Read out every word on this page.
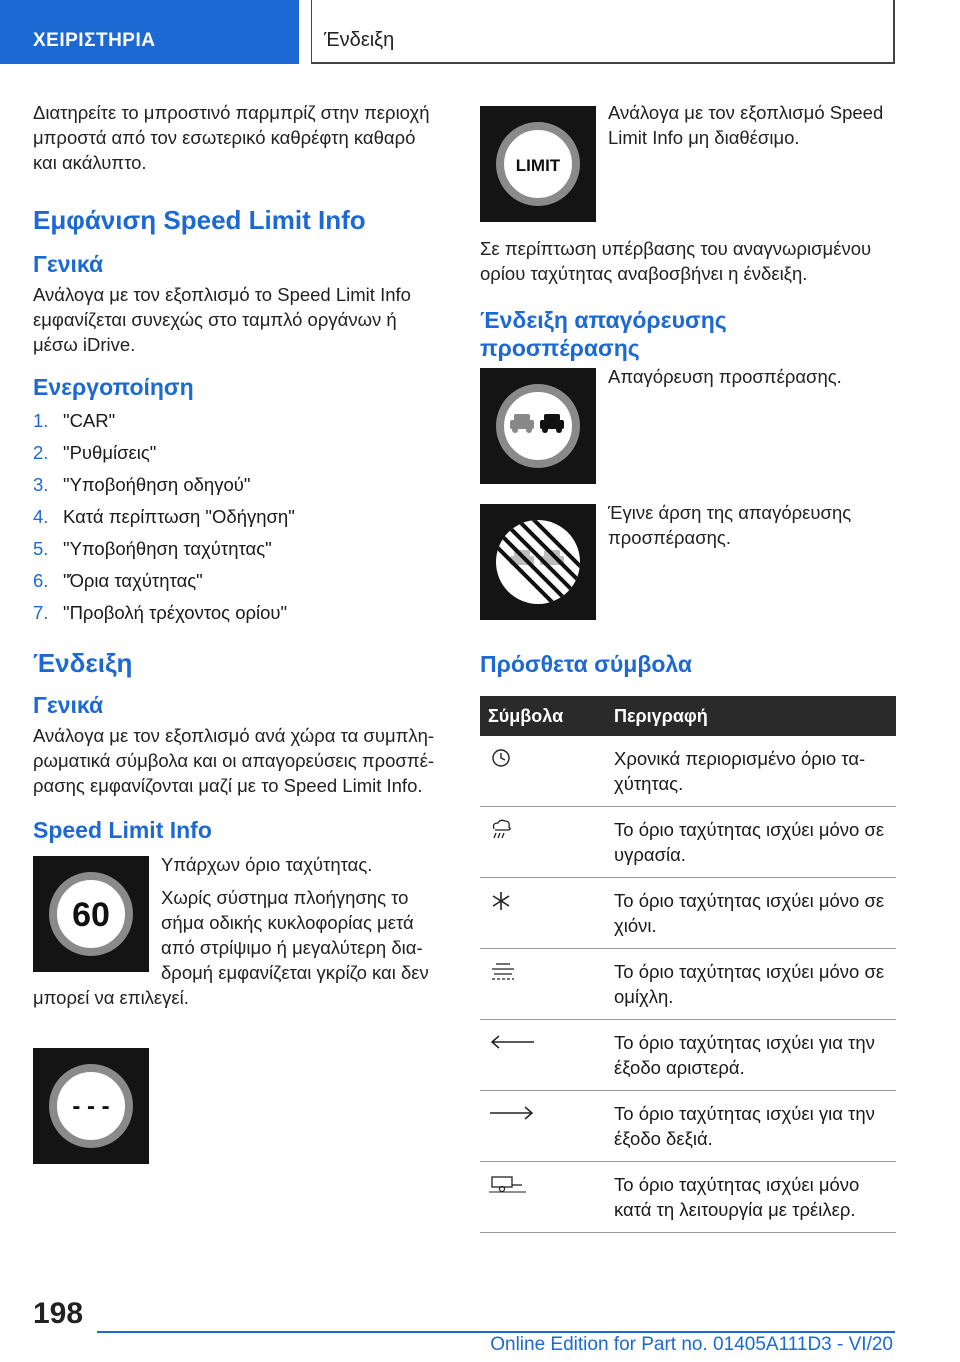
ΧΕΙΡΙΣΤΗΡΙΑ	Ένδειξη

Διατηρείτε το μπροστινό παρμπρίζ στην περιοχή μπροστά από τον εσωτερικό καθρέφτη καθαρό και ακάλυπτο.

Εμφάνιση Speed Limit Info
Γενικά

Ανάλογα με τον εξοπλισμό το Speed Limit Info εμφανίζεται συνεχώς στο ταμπλό οργάνων ή μέσω iDrive.

Ενεργοποίηση
1. "CAR"
2. "Ρυθμίσεις"
3. "Υποβοήθηση οδηγού"
4. Κατά περίπτωση "Οδήγηση"
5. "Υποβοήθηση ταχύτητας"
6. "Όρια ταχύτητας"
7. "Προβολή τρέχοντος ορίου"
Ένδειξη
Γενικά

Ανάλογα με τον εξοπλισμό ανά χώρα τα συμπλη- ρωματικά σύμβολα και οι απαγορεύσεις προσπέ- ρασης εμφανίζονται μαζί με το Speed Limit Info.

Speed Limit Info
60

Υπάρχων όριο ταχύτητας.

Χωρίς σύστημα πλοήγησης το σήμα οδικής κυκλοφορίας μετά από στρίψιμο ή μεγαλύτερη δια- δρομή εμφανίζεται γκρίζο και δεν μπορεί να επιλεγεί.

- - -
LIMIT

Ανάλογα με τον εξοπλισμό Speed Limit Info μη διαθέσιμο.

Σε περίπτωση υπέρβασης του αναγνωρισμένου ορίου ταχύτητας αναβοσβήνει η ένδειξη.

Ένδειξη απαγόρευσης προσπέρασης

Απαγόρευση προσπέρασης.

Έγινε άρση της απαγόρευσης προσπέρασης.

Πρόσθετα σύμβολα
Σύμβολα	Περιγραφή
	Χρονικά περιορισμένο όριο τα- χύτητας.
	Το όριο ταχύτητας ισχύει μόνο σε υγρασία.
	Το όριο ταχύτητας ισχύει μόνο σε χιόνι.
	Το όριο ταχύτητας ισχύει μόνο σε ομίχλη.
	Το όριο ταχύτητας ισχύει για την έξοδο αριστερά.
	Το όριο ταχύτητας ισχύει για την έξοδο δεξιά.
	Το όριο ταχύτητας ισχύει μόνο κατά τη λειτουργία με τρέιλερ.
198
Online Edition for Part no. 01405A111D3 - VI/20
